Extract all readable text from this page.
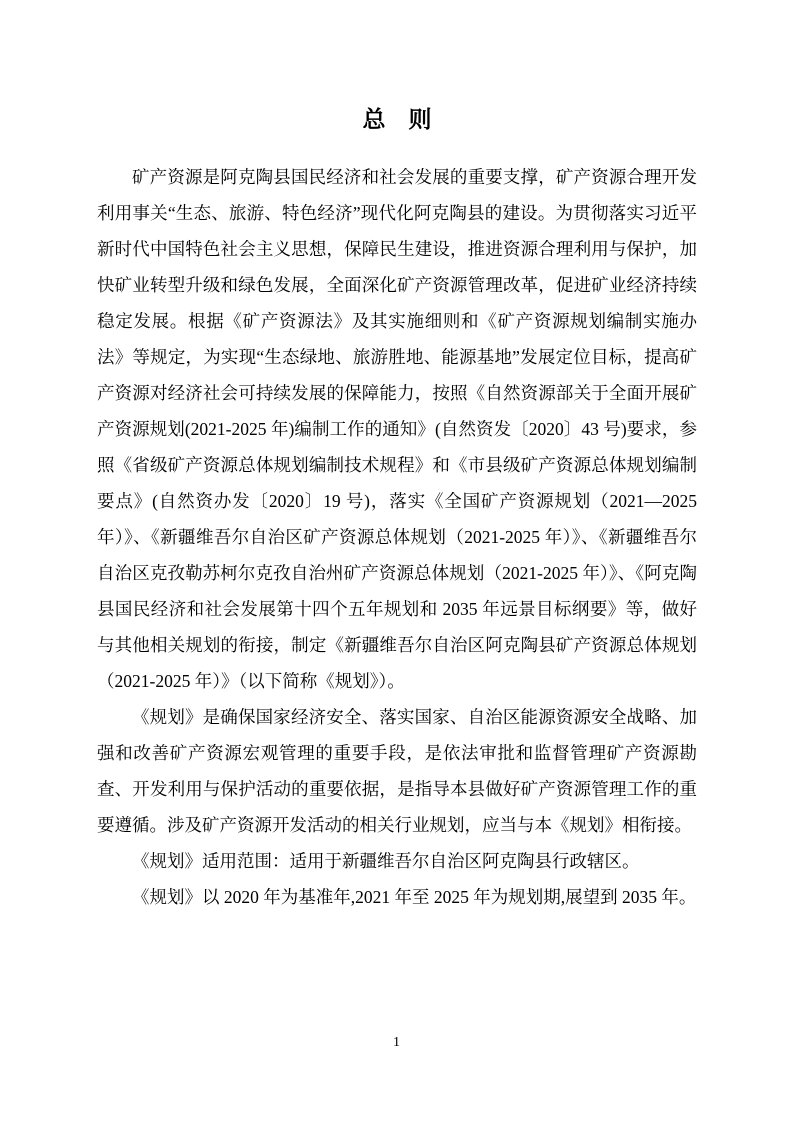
总　则

矿产资源是阿克陶县国民经济和社会发展的重要支撑，矿产资源合理开发利用事关“生态、旅游、特色经济”现代化阿克陶县的建设。为贯彻落实习近平新时代中国特色社会主义思想，保障民生建设，推进资源合理利用与保护，加快矿业转型升级和绿色发展，全面深化矿产资源管理改革，促进矿业经济持续稳定发展。根据《矿产资源法》及其实施细则和《矿产资源规划编制实施办法》等规定，为实现“生态绿地、旅游胜地、能源基地”发展定位目标，提高矿产资源对经济社会可持续发展的保障能力，按照《自然资源部关于全面开展矿产资源规划(2021-2025 年)编制工作的通知》(自然资发〔2020〕43 号)要求，参照《省级矿产资源总体规划编制技术规程》和《市县级矿产资源总体规划编制要点》(自然资办发〔2020〕19 号)，落实《全国矿产资源规划（2021—2025 年）》、《新疆维吾尔自治区矿产资源总体规划（2021-2025 年）》、《新疆维吾尔自治区克孜勒苏柯尔克孜自治州矿产资源总体规划（2021-2025 年）》、《阿克陶县国民经济和社会发展第十四个五年规划和 2035 年远景目标纲要》等，做好与其他相关规划的衔接，制定《新疆维吾尔自治区阿克陶县矿产资源总体规划（2021-2025 年）》（以下简称《规划》）。

《规划》是确保国家经济安全、落实国家、自治区能源资源安全战略、加强和改善矿产资源宏观管理的重要手段，是依法审批和监督管理矿产资源勘查、开发利用与保护活动的重要依据，是指导本县做好矿产资源管理工作的重要遵循。涉及矿产资源开发活动的相关行业规划，应当与本《规划》相衔接。

《规划》适用范围：适用于新疆维吾尔自治区阿克陶县行政辖区。

《规划》以 2020 年为基准年,2021 年至 2025 年为规划期,展望到 2035 年。

1
